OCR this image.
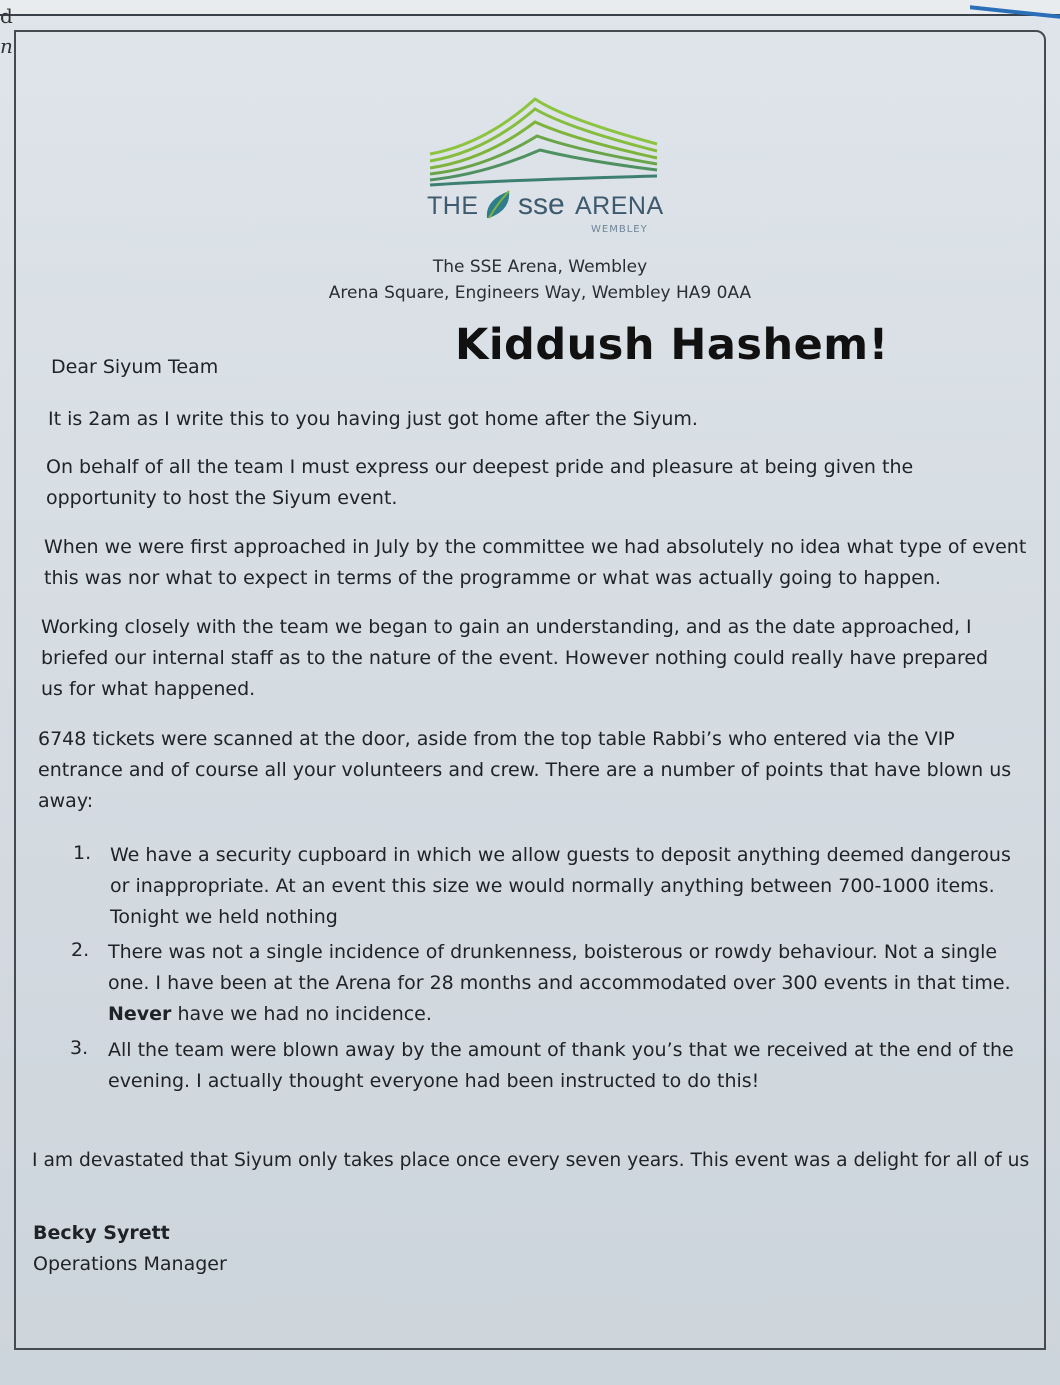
d
n
THE sse ARENA
WEMBLEY
The SSE Arena, Wembley
Arena Square, Engineers Way, Wembley HA9 0AA
Kiddush Hashem!
Dear Siyum Team
It is 2am as I write this to you having just got home after the Siyum.
On behalf of all the team I must express our deepest pride and pleasure at being given the opportunity to host the Siyum event.
When we were first approached in July by the committee we had absolutely no idea what type of event this was nor what to expect in terms of the programme or what was actually going to happen.
Working closely with the team we began to gain an understanding, and as the date approached, I briefed our internal staff as to the nature of the event. However nothing could really have prepared us for what happened.
6748 tickets were scanned at the door, aside from the top table Rabbi’s who entered via the VIP entrance and of course all your volunteers and crew. There are a number of points that have blown us away:
1. We have a security cupboard in which we allow guests to deposit anything deemed dangerous or inappropriate. At an event this size we would normally anything between 700-1000 items. Tonight we held nothing
2. There was not a single incidence of drunkenness, boisterous or rowdy behaviour. Not a single one. I have been at the Arena for 28 months and accommodated over 300 events in that time. Never have we had no incidence.
3. All the team were blown away by the amount of thank you’s that we received at the end of the evening. I actually thought everyone had been instructed to do this!
I am devastated that Siyum only takes place once every seven years. This event was a delight for all of us
Becky Syrett
Operations Manager
